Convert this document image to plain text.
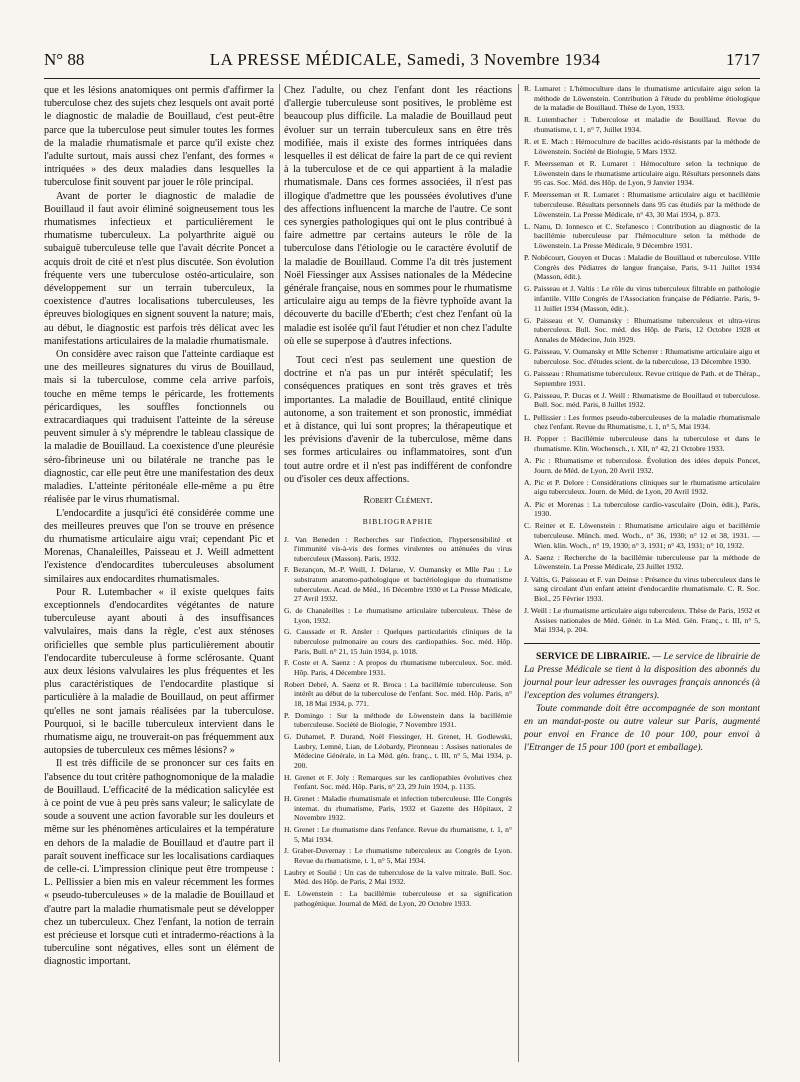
N° 88	LA PRESSE MÉDICALE, Samedi, 3 Novembre 1934	1717

que et les lésions anatomiques ont permis d'affirmer la tuberculose chez des sujets chez lesquels ont avait porté le diagnostic de maladie de Bouillaud, c'est peut-être parce que la tuberculose peut simuler toutes les formes de la maladie rhumatismale et parce qu'il existe chez l'adulte surtout, mais aussi chez l'enfant, des formes « intriquées » des deux maladies dans lesquelles la tuberculose finit souvent par jouer le rôle principal.

Avant de porter le diagnostic de maladie de Bouillaud il faut avoir éliminé soigneusement tous les rhumatismes infectieux et particulièrement le rhumatisme tuberculeux. La polyarthrite aiguë ou subaiguë tuberculeuse telle que l'avait décrite Poncet a acquis droit de cité et n'est plus discutée. Son évolution fréquente vers une tuberculose ostéo-articulaire, son développement sur un terrain tuberculeux, la coexistence d'autres localisations tuberculeuses, les épreuves biologiques en signent souvent la nature; mais, au début, le diagnostic est parfois très délicat avec les manifestations articulaires de la maladie rhumatismale.

On considère avec raison que l'atteinte cardiaque est une des meilleures signatures du virus de Bouillaud, mais si la tuberculose, comme cela arrive parfois, touche en même temps le péricarde, les frottements péricardiques, les souffles fonctionnels ou extracardiaques qui traduisent l'atteinte de la séreuse peuvent simuler à s'y méprendre le tableau classique de la maladie de Bouillaud. La coexistence d'une pleurésie séro-fibrineuse uni ou bilatérale ne tranche pas le diagnostic, car elle peut être une manifestation des deux maladies. L'atteinte péritonéale elle-même a pu être réalisée par le virus rhumatismal.

L'endocardite a jusqu'ici été considérée comme une des meilleures preuves que l'on se trouve en présence du rhumatisme articulaire aigu vrai; cependant Pic et Morenas, Chanaleilles, Paisseau et J. Weill admettent l'existence d'endocardites tuberculeuses absolument similaires aux endocardites rhumatismales.

Pour R. Lutembacher « il existe quelques faits exceptionnels d'endocardites végétantes de nature tuberculeuse ayant abouti à des insuffisances valvulaires, mais dans la règle, c'est aux sténoses orificielles que semble plus particulièrement aboutir l'endocardite tuberculeuse à forme sclérosante. Quant aux deux lésions valvulaires les plus fréquentes et les plus caractéristiques de l'endocardite plastique si particulière à la maladie de Bouillaud, on peut affirmer qu'elles ne sont jamais réalisées par la tuberculose. Pourquoi, si le bacille tuberculeux intervient dans le rhumatisme aigu, ne trouverait-on pas fréquemment aux autopsies de tuberculeux ces mêmes lésions? »

Il est très difficile de se prononcer sur ces faits en l'absence du tout critère pathognomonique de la maladie de Bouillaud. L'efficacité de la médication salicylée est à ce point de vue à peu près sans valeur; le salicylate de soude a souvent une action favorable sur les douleurs et même sur les phénomènes articulaires et la température en dehors de la maladie de Bouillaud et d'autre part il paraît souvent inefficace sur les localisations cardiaques de celle-ci. L'impression clinique peut être trompeuse : L. Pellissier a bien mis en valeur récemment les formes « pseudo-tuberculeuses » de la maladie de Bouillaud et d'autre part la maladie rhumatismale peut se développer chez un tuberculeux. Chez l'enfant, la notion de terrain est précieuse et lorsque cuti et intradermo-réactions à la tuberculine sont négatives, elles sont un élément de diagnostic important.

Chez l'adulte, ou chez l'enfant dont les réactions d'allergie tuberculeuse sont positives, le problème est beaucoup plus difficile. La maladie de Bouillaud peut évoluer sur un terrain tuberculeux sans en être très modifiée, mais il existe des formes intriquées dans lesquelles il est délicat de faire la part de ce qui revient à la tuberculose et de ce qui appartient à la maladie rhumatismale. Dans ces formes associées, il n'est pas illogique d'admettre que les poussées évolutives d'une des affections influencent la marche de l'autre. Ce sont ces synergies pathologiques qui ont le plus contribué à faire admettre par certains auteurs le rôle de la tuberculose dans l'étiologie ou le caractère évolutif de la maladie de Bouillaud. Comme l'a dit très justement Noël Fiessinger aux Assises nationales de la Médecine générale française, nous en sommes pour le rhumatisme articulaire aigu au temps de la fièvre typhoïde avant la découverte du bacille d'Eberth; c'est chez l'enfant où la maladie est isolée qu'il faut l'étudier et non chez l'adulte où elle se superpose à d'autres infections.

Tout ceci n'est pas seulement une question de doctrine et n'a pas un pur intérêt spéculatif; les conséquences pratiques en sont très graves et très importantes. La maladie de Bouillaud, entité clinique autonome, a son traitement et son pronostic, immédiat et à distance, qui lui sont propres; la thérapeutique et les prévisions d'avenir de la tuberculose, même dans ses formes articulaires ou inflammatoires, sont d'un tout autre ordre et il n'est pas indifférent de confondre ou d'isoler ces deux affections.

Robert Clément.
BIBLIOGRAPHIE
J. Van Beneden : Recherches sur l'infection, l'hypersensibilité et l'immunité vis-à-vis des formes virulentes ou atténuées du virus tuberculeux (Masson). Paris, 1932.
F. Bezançon, M.-P. Weill, J. Delarue, V. Oumansky et Mlle Pau : Le substratum anatomo-pathologique et bactériologique du rhumatisme tuberculeux. Acad. de Méd., 16 Décembre 1930 et La Presse Médicale, 27 Avril 1932.
G. de Chanaleilles : Le rhumatisme articulaire tuberculeux. Thèse de Lyon, 1932.
G. Caussade et R. Ansler : Quelques particularités cliniques de la tuberculose pulmonaire au cours des cardiopathies. Soc. méd. Hôp. Paris, Bull. n° 21, 15 Juin 1934, p. 1018.
F. Coste et A. Saenz : A propos du rhumatisme tuberculeux. Soc. méd. Hôp. Paris, 4 Décembre 1931.
Robert Debré, A. Saenz et R. Broca : La bacillémie tuberculeuse. Son intérêt au début de la tuberculose de l'enfant. Soc. méd. Hôp. Paris, n° 18, 18 Mai 1934, p. 771.
P. Domingo : Sur la méthode de Löwenstein dans la bacillémie tuberculeuse. Société de Biologie, 7 Novembre 1931.
G. Duhamel, P. Durand, Noël Fiessinger, H. Grenet, H. Godlewski, Laubry, Lemné, Lian, de Léobardy, Pironneau : Assises nationales de Médecine Générale, in La Méd. gén. franç., t. III, n° 5, Mai 1934, p. 200.
H. Grenet et F. Joly : Remarques sur les cardiopathies évolutives chez l'enfant. Soc. méd. Hôp. Paris, n° 23, 29 Juin 1934, p. 1135.
H. Grenet : Maladie rhumatismale et infection tuberculeuse. IIIe Congrès internat. du rhumatisme, Paris, 1932 et Gazette des Hôpitaux, 2 Novembre 1932.
H. Grenet : Le rhumatisme dans l'enfance. Revue du rhumatisme, t. 1, n° 5, Mai 1934.
J. Graber-Duvernay : Le rhumatisme tuberculeux au Congrès de Lyon. Revue du rhumatisme, t. 1, n° 5, Mai 1934.
Laubry et Soulié : Un cas de tuberculose de la valve mitrale. Bull. Soc. Méd. des Hôp. de Paris, 2 Mai 1932.
E. Löwenstein : La bacillémie tuberculeuse et sa signification pathogénique. Journal de Méd. de Lyon, 20 Octobre 1933.
R. Lumaret : L'hémoculture dans le rhumatisme articulaire aigu selon la méthode de Löwenstein. Contribution à l'étude du problème étiologique de la maladie de Bouillaud. Thèse de Lyon, 1933.
R. Lutembacher : Tuberculose et maladie de Bouillaud. Revue du rhumatisme, t. 1, n° 7, Juillet 1934.
R. et E. Mach : Hémoculture de bacilles acido-résistants par la méthode de Löwenstein. Société de Biologie, 5 Mars 1932.
F. Meersseman et R. Lumaret : Hémoculture selon la technique de Löwenstein dans le rhumatisme articulaire aigu. Résultats personnels dans 95 cas. Soc. Méd. des Hôp. de Lyon, 9 Janvier 1934.
F. Meersseman et R. Lumaret : Rhumatisme articulaire aigu et bacillémie tuberculeuse. Résultats personnels dans 95 cas étudiés par la méthode de Löwenstein. La Presse Médicale, n° 43, 30 Mai 1934, p. 873.
L. Nanu, D. Ionnesco et C. Stefanesco : Contribution au diagnostic de la bacillémie tuberculeuse par l'hémoculture selon la méthode de Löwenstein. La Presse Médicale, 9 Décembre 1931.
P. Nobécourt, Gouyen et Ducas : Maladie de Bouillaud et tuberculose. VIIIe Congrès des Pédiatres de langue française, Paris, 9-11 Juillet 1934 (Masson, édit.).
G. Paisseau et J. Valtis : Le rôle du virus tuberculeux filtrable en pathologie infantile. VIIIe Congrès de l'Association française de Pédiatrie. Paris, 9-11 Juillet 1934 (Masson, édit.).
G. Paisseau et V. Oumansky : Rhumatisme tuberculeux et ultra-virus tuberculeux. Bull. Soc. méd. des Hôp. de Paris, 12 Octobre 1928 et Annales de Médecine, Juin 1929.
G. Paisseau, V. Oumansky et Mlle Scherrer : Rhumatisme articulaire aigu et tuberculose. Soc. d'études scient. de la tuberculose, 13 Décembre 1930.
G. Paisseau : Rhumatisme tuberculeux. Revue critique de Path. et de Thérap., Septembre 1931.
G. Paisseau, P. Ducas et J. Weill : Rhumatisme de Bouillaud et tuberculose. Bull. Soc. méd. Paris, 8 Juillet 1932.
L. Pellissier : Les formes pseudo-tuberculeuses de la maladie rhumatismale chez l'enfant. Revue du Rhumatisme, t. 1, n° 5, Mai 1934.
H. Popper : Bacillémie tuberculeuse dans la tuberculose et dans le rhumatisme. Klin. Wochensch., t. XII, n° 42, 21 Octobre 1933.
A. Pic : Rhumatisme et tuberculose. Évolution des idées depuis Poncet, Journ. de Méd. de Lyon, 20 Avril 1932.
A. Pic et P. Delore : Considérations cliniques sur le rhumatisme articulaire aigu tuberculeux. Journ. de Méd. de Lyon, 20 Avril 1932.
A. Pic et Morenas : La tuberculose cardio-vasculaire (Doin, édit.), Paris, 1930.
C. Reitter et E. Löwenstein : Rhumatisme articulaire aigu et bacillémie tuberculeuse. Münch. med. Woch., n° 36, 1930; n° 12 et 38, 1931. — Wien. klin. Woch., n° 19, 1930; n° 3, 1931; n° 43, 1931; n° 10, 1932.
A. Saenz : Recherche de la bacillémie tuberculeuse par la méthode de Löwenstein. La Presse Médicale, 23 Juillet 1932.
J. Valtis, G. Paisseau et F. van Deinse : Présence du virus tuberculeux dans le sang circulant d'un enfant atteint d'endocardite rhumatismale. C. R. Soc. Biol., 25 Février 1933.
J. Weill : Le rhumatisme articulaire aigu tuberculeux. Thèse de Paris, 1932 et Assises nationales de Méd. Génér. in La Méd. Gén. Franç., t. III, n° 5, Mai 1934, p. 204.

SERVICE DE LIBRAIRIE. — Le service de librairie de La Presse Médicale se tient à la disposition des abonnés du journal pour leur adresser les ouvrages français annoncés (à l'exception des volumes étrangers).

Toute commande doit être accompagnée de son montant en un mandat-poste ou autre valeur sur Paris, augmenté pour envoi en France de 10 pour 100, pour envoi à l'Etranger de 15 pour 100 (port et emballage).
